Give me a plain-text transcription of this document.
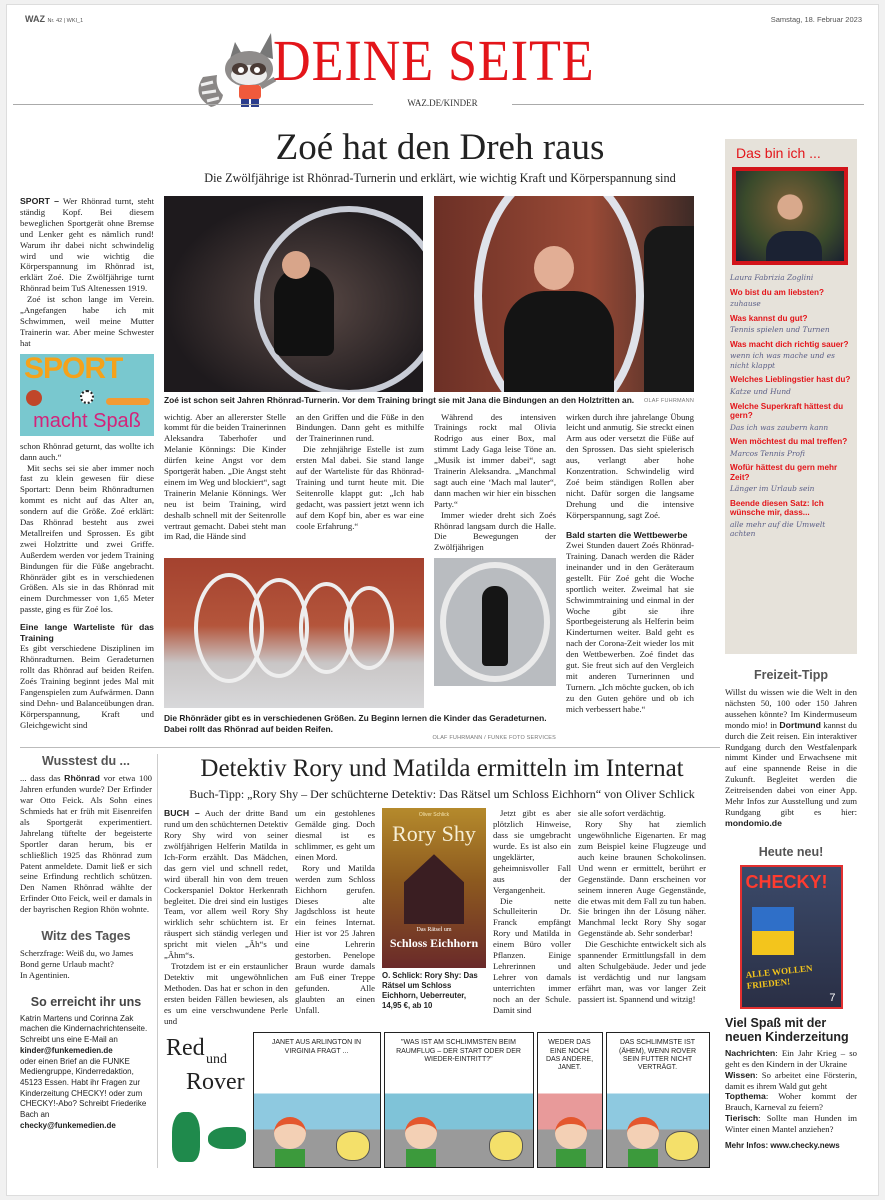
WAZ Nr. 42 | WKI_1	Samstag, 18. Februar 2023
DEINE SEITE
WAZ.DE/KINDER
Zoé hat den Dreh raus
Die Zwölfjährige ist Rhönrad-Turnerin und erklärt, wie wichtig Kraft und Körperspannung sind

SPORT – Wer Rhönrad turnt, steht ständig Kopf. Bei diesem beweglichen Sportgerät ohne Bremse und Lenker geht es nämlich rund! Warum ihr dabei nicht schwindelig wird und wie wichtig die Körperspannung im Rhönrad ist, erklärt Zoé. Die Zwölfjährige turnt Rhönrad beim TuS Altenessen 1919.

Zoé ist schon lange im Verein. „Angefangen habe ich mit Schwimmen, weil meine Mutter Trainerin war. Aber meine Schwester hat

SPORT
macht Spaß

schon Rhönrad geturnt, das wollte ich dann auch.“

Mit sechs sei sie aber immer noch fast zu klein gewesen für diese Sportart: Denn beim Rhönradturnen kommt es nicht auf das Alter an, sondern auf die Größe. Zoé erklärt: Das Rhönrad besteht aus zwei Metallreifen und Sprossen. Es gibt zwei Holztritte und zwei Griffe. Außerdem werden vor jedem Training Bindungen für die Füße angebracht. Rhönräder gibt es in verschiedenen Größen. Als sie in das Rhönrad mit einem Durchmesser von 1,65 Meter passte, ging es für Zoé los.

Eine lange Warteliste für das Training

Es gibt verschiedene Disziplinen im Rhönradturnen. Beim Geradeturnen rollt das Rhönrad auf beiden Reifen. Zoés Training beginnt jedes Mal mit Fangenspielen zum Aufwärmen. Dann sind Dehn- und Balanceübungen dran. Körperspannung, Kraft und Gleichgewicht sind

Zoé ist schon seit Jahren Rhönrad-Turnerin. Vor dem Training bringt sie mit Jana die Bindungen an den Holztritten an. OLAF FUHRMANN

wichtig. Aber an allererster Stelle kommt für die beiden Trainerinnen Aleksandra Taberhofer und Melanie Könnings: Die Kinder dürfen keine Angst vor dem Sportgerät haben. „Die Angst steht einem im Weg und blockiert“, sagt Trainerin Melanie Könnings. Wer neu ist beim Training, wird deshalb schnell mit der Seitenrolle vertraut gemacht. Dabei steht man im Rad, die Hände sind

an den Griffen und die Füße in den Bindungen. Dann geht es mithilfe der Trainerinnen rund.

Die zehnjährige Estelle ist zum ersten Mal dabei. Sie stand lange auf der Warteliste für das Rhönrad-Training und turnt heute mit. Die Seitenrolle klappt gut: „Ich hab gedacht, was passiert jetzt wenn ich auf dem Kopf bin, aber es war eine coole Erfahrung.“

Während des intensiven Trainings rockt mal Olivia Rodrigo aus einer Box, mal stimmt Lady Gaga leise Töne an. „Musik ist immer dabei“, sagt Trainerin Aleksandra. „Manchmal sagt auch eine ‘Mach mal lauter“, dann machen wir hier ein bisschen Party.“

Immer wieder dreht sich Zoés Rhönrad langsam durch die Halle. Die Bewegungen der Zwölfjährigen

wirken durch ihre jahrelange Übung leicht und anmutig. Sie streckt einen Arm aus oder versetzt die Füße auf den Sprossen. Das sieht spielerisch aus, verlangt aber hohe Konzentration. Schwindelig wird Zoé beim ständigen Rollen aber nicht. Dafür sorgen die langsame Drehung und die intensive Körperspannung, sagt Zoé.

Bald starten die Wettbewerbe

Zwei Stunden dauert Zoés Rhönrad-Training. Danach werden die Räder ineinander und in den Geräteraum gestellt. Für Zoé geht die Woche sportlich weiter. Zweimal hat sie Schwimmtraining und einmal in der Woche gibt sie ihre Sportbegeisterung als Helferin beim Kinderturnen weiter. Bald geht es nach der Corona-Zeit wieder los mit den Wettbewerben. Zoé findet das gut. Sie freut sich auf den Vergleich mit anderen Turnerinnen und Turnern. „Ich möchte gucken, ob ich zu den Guten gehöre und ob ich mich verbessert habe.“

Die Rhönräder gibt es in verschiedenen Größen. Zu Beginn lernen die Kinder das Geradeturnen. Dabei rollt das Rhönrad auf beiden Reifen.
OLAF FUHRMANN / FUNKE FOTO SERVICES
Wusstest du ...

... dass das Rhönrad vor etwa 100 Jahren erfunden wurde? Der Erfinder war Otto Feick. Als Sohn eines Schmieds hat er früh mit Eisenreifen als Sportgerät experimentiert. Jahrelang tüftelte der begeisterte Sportler daran herum, bis er schließlich 1925 das Rhönrad zum Patent anmeldete. Damit ließ er sich seine Erfindung rechtlich schützen. Den Namen Rhönrad wählte der Erfinder Otto Feick, weil er damals in der bayrischen Region Rhön wohnte.

Witz des Tages

Scherzfrage: Weiß du, wo James Bond gerne Urlaub macht?

In Agentinien.

So erreicht ihr uns

Katrin Martens und Corinna Zak machen die Kindernachrichtenseite. Schreibt uns eine E-Mail an

kinder@funkemedien.de

oder einen Brief an die FUNKE Mediengruppe, Kinderredaktion, 45123 Essen. Habt ihr Fragen zur Kinderzeitung CHECKY! oder zum CHECKY!-Abo? Schreibt Friederike Bach an

checky@funkemedien.de

Detektiv Rory und Matilda ermitteln im Internat
Buch-Tipp: „Rory Shy – Der schüchterne Detektiv: Das Rätsel um Schloss Eichhorn“ von Oliver Schlick

BUCH – Auch der dritte Band rund um den schüchternen Detektiv Rory Shy wird von seiner zwölfjährigen Helferin Matilda in Ich-Form erzählt. Das Mädchen, das gern viel und schnell redet, wird überall hin von dem treuen Cockerspaniel Doktor Herkenrath begleitet. Die drei sind ein lustiges Team, vor allem weil Rory Shy wirklich sehr schüchtern ist. Er räuspert sich ständig verlegen und spricht mit vielen „Äh“s und „Ähm“s.

Trotzdem ist er ein erstaunlicher Detektiv mit ungewöhnlichen Methoden. Das hat er schon in den ersten beiden Fällen bewiesen, als es um eine verschwundene Perle und

um ein gestohlenes Gemälde ging. Doch diesmal ist es schlimmer, es geht um einen Mord.

Rory und Matilda werden zum Schloss Eichhorn gerufen. Dieses alte Jagdschloss ist heute ein feines Internat. Hier ist vor 25 Jahren eine Lehrerin gestorben. Penelope Braun wurde damals am Fuß einer Treppe gefunden. Alle glaubten an einen Unfall.

Oliver Schlick
Rory Shy
Das Rätsel um
Schloss Eichhorn
O. Schlick: Rory Shy: Das Rätsel um Schloss Eichhorn, Ueberreuter, 14,95 €, ab 10

Jetzt gibt es aber plötzlich Hinweise, dass sie umgebracht wurde. Es ist also ein ungeklärter, geheimnisvoller Fall aus der Vergangenheit.

Die nette Schulleiterin Dr. Franck empfängt Rory und Matilda in einem Büro voller Pflanzen. Einige Lehrerinnen und Lehrer von damals unterrichten immer noch an der Schule. Damit sind

sie alle sofort verdächtig.

Rory Shy hat ziemlich ungewöhnliche Eigenarten. Er mag zum Beispiel keine Flugzeuge und auch keine braunen Schokolinsen. Und wenn er ermittelt, berührt er Gegenstände. Dann erscheinen vor seinem inneren Auge Gegenstände, die etwas mit dem Fall zu tun haben. Sie bringen ihn der Lösung näher. Manchmal leckt Rory Shy sogar Gegenstände ab. Sehr sonderbar!

Die Geschichte entwickelt sich als spannender Ermittlungsfall in dem alten Schulgebäude. Jeder und jede ist verdächtig und nur langsam erfährt man, was vor langer Zeit passiert ist. Spannend und witzig!

Red und
Rover
JANET AUS ARLINGTON IN VIRGINIA FRAGT ...
"WAS IST AM SCHLIMMSTEN BEIM RAUMFLUG – DER START ODER DER WIEDER-EINTRITT?"
WEDER DAS EINE NOCH DAS ANDERE, JANET.
DAS SCHLIMMSTE IST (ÄHEM), WENN ROVER SEIN FUTTER NICHT VERTRÄGT.
Das bin ich ...
Laura Fabrizia Zoglini
Wo bist du am liebsten?
zuhause
Was kannst du gut?
Tennis spielen und Turnen
Was macht dich richtig sauer?
wenn ich was mache und es nicht klappt
Welches Lieblingstier hast du?
Katze und Hund
Welche Superkraft hättest du gern?
Das ich was zaubern kann
Wen möchtest du mal treffen?
Marcos Tennis Profi
Wofür hättest du gern mehr Zeit?
Länger im Urlaub sein
Beende diesen Satz: Ich wünsche mir, dass...
alle mehr auf die Umwelt achten
Freizeit-Tipp

Willst du wissen wie die Welt in den nächsten 50, 100 oder 150 Jahren aussehen könnte? Im Kindermuseum mondo mio! in Dortmund kannst du durch die Zeit reisen. Ein interaktiver Rundgang durch den Westfalenpark nimmt Kinder und Erwachsene mit auf eine spannende Reise in die Zukunft. Begleitet werden die Zeitreisenden dabei von einer App. Mehr Infos zur Ausstellung und zum Rundgang gibt es hier: mondomio.de

Heute neu!
CHECKY!
ALLE WOLLEN FRIEDEN!
7
Viel Spaß mit der neuen Kinderzeitung

Nachrichten: Ein Jahr Krieg – so geht es den Kindern in der Ukraine

Wissen: So arbeitet eine Försterin, damit es ihrem Wald gut geht

Topthema: Woher kommt der Brauch, Karneval zu feiern?

Tierisch: Sollte man Hunden im Winter einen Mantel anziehen?

Mehr Infos: www.checky.news
